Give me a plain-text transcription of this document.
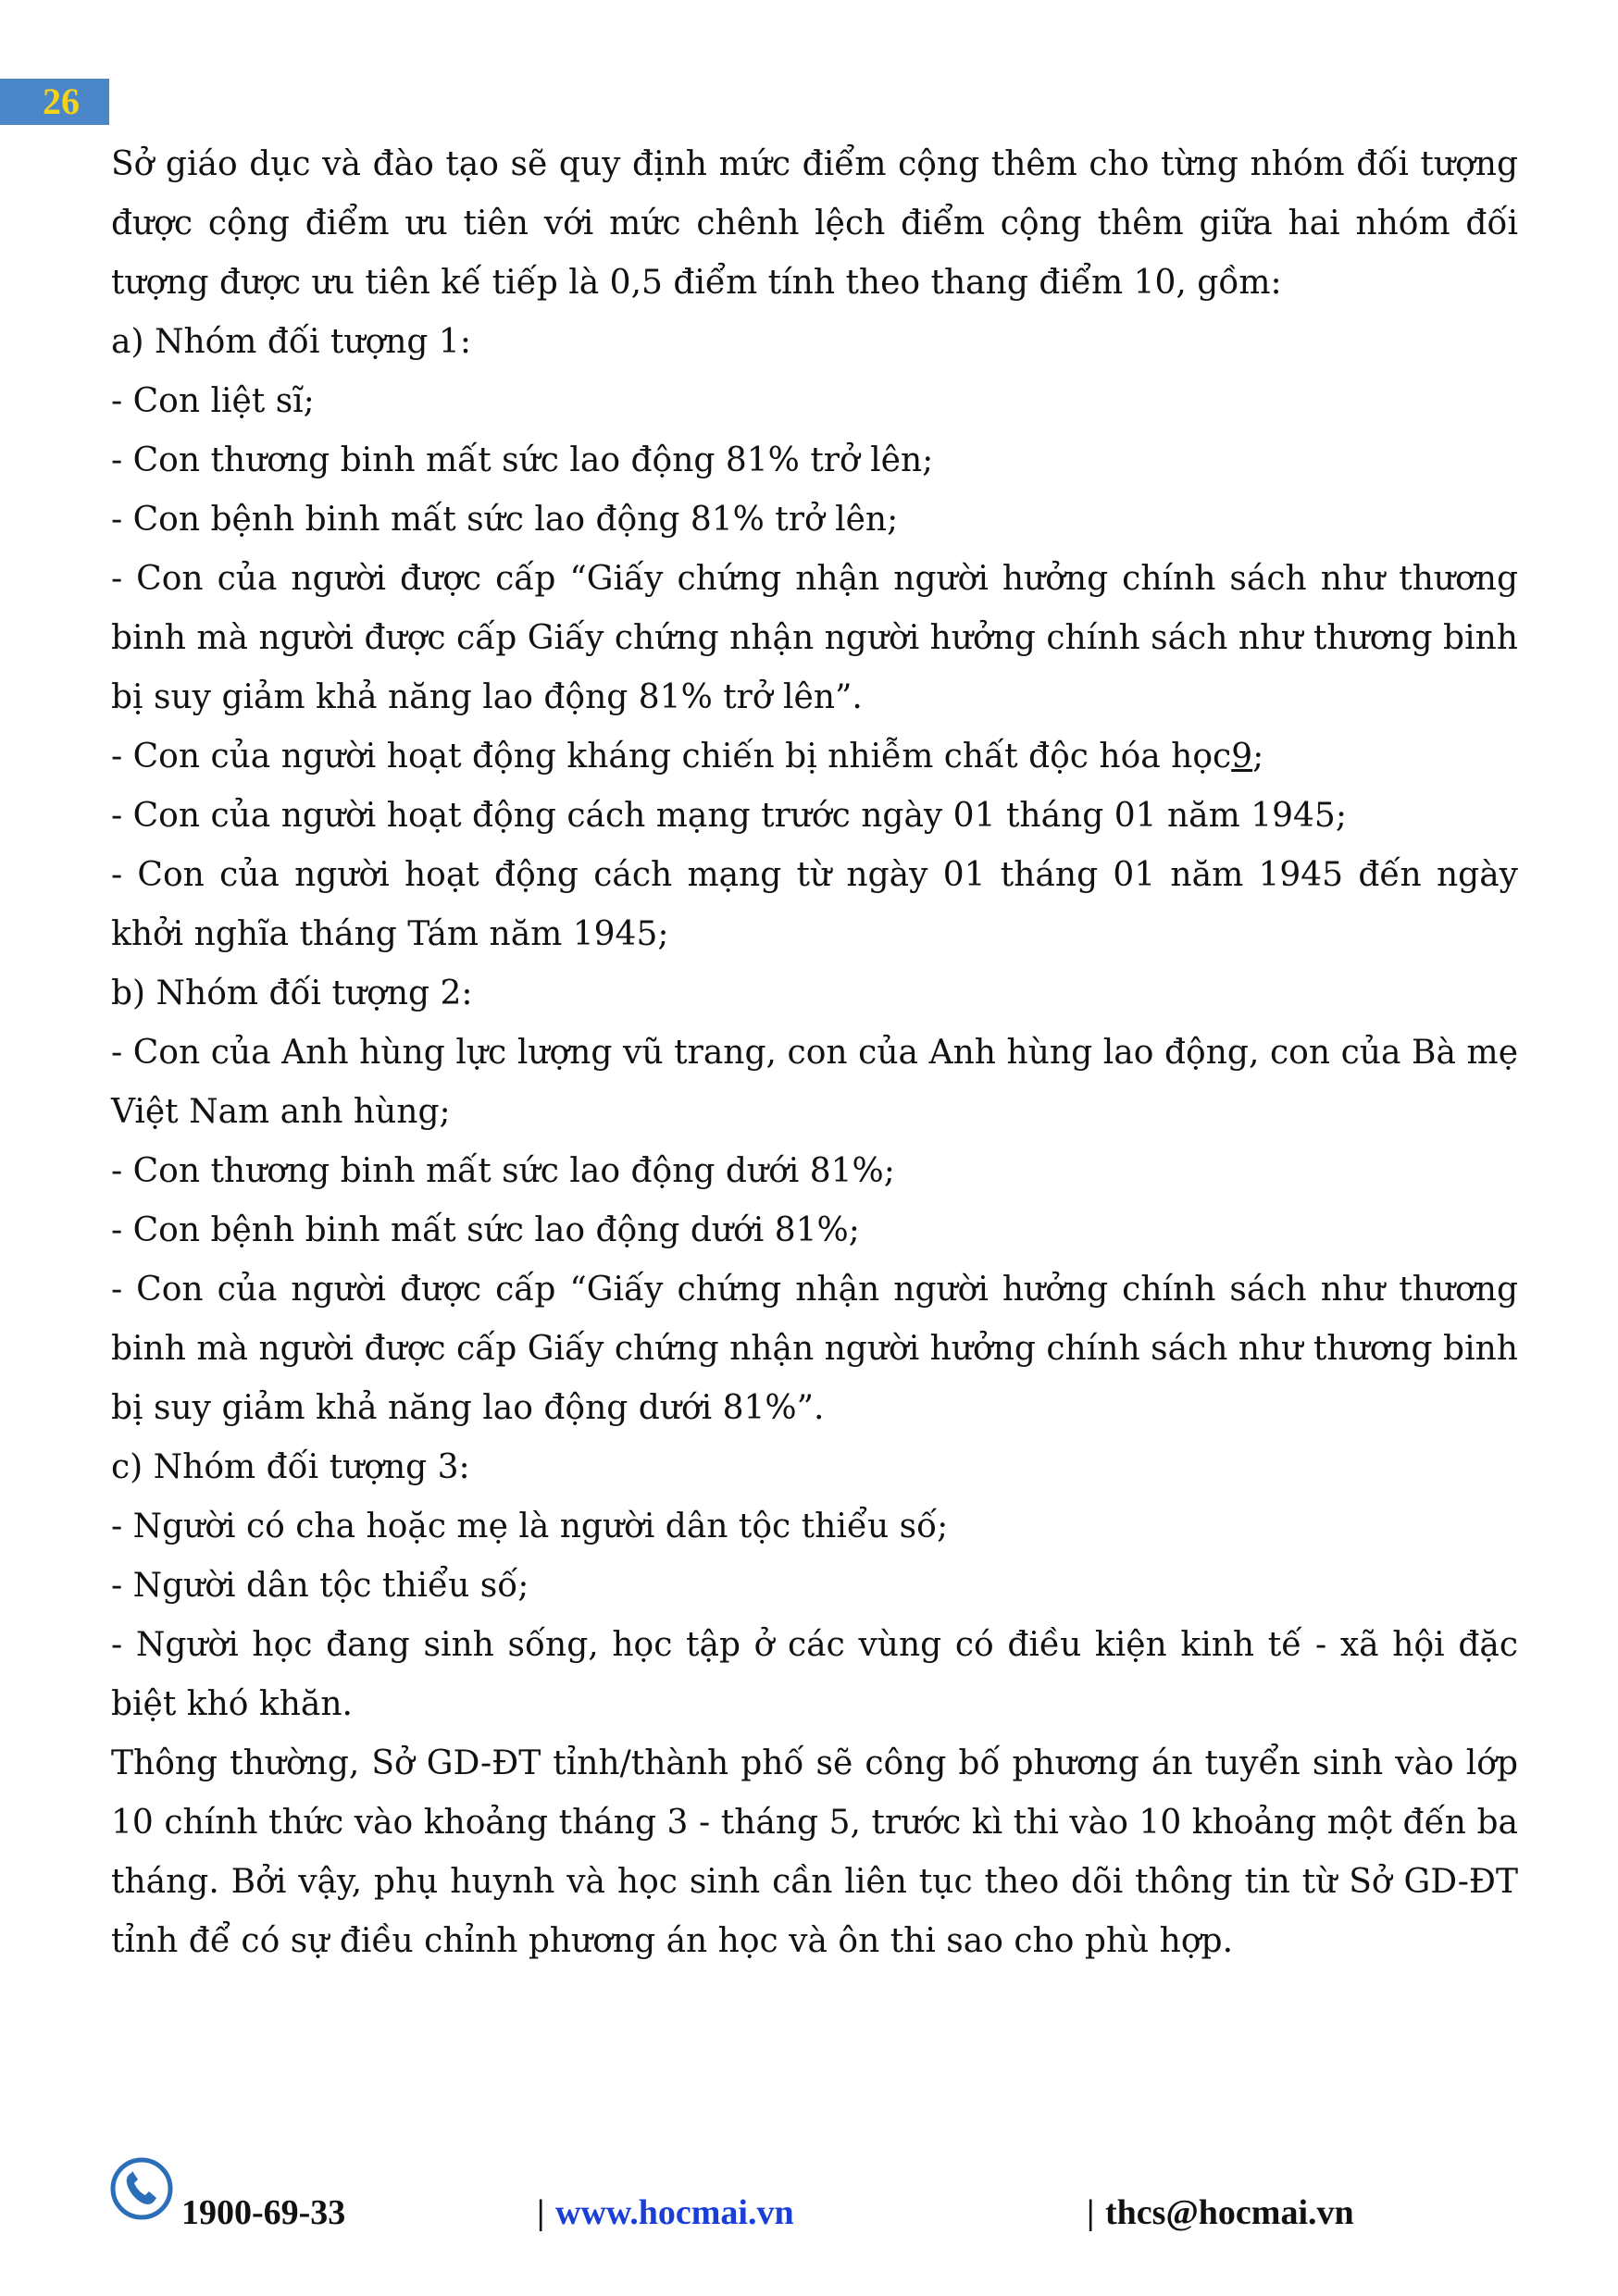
26

Sở giáo dục và đào tạo sẽ quy định mức điểm cộng thêm cho từng nhóm đối tượng được cộng điểm ưu tiên với mức chênh lệch điểm cộng thêm giữa hai nhóm đối tượng được ưu tiên kế tiếp là 0,5 điểm tính theo thang điểm 10, gồm:

a) Nhóm đối tượng 1:

- Con liệt sĩ;

- Con thương binh mất sức lao động 81% trở lên;

- Con bệnh binh mất sức lao động 81% trở lên;

- Con của người được cấp “Giấy chứng nhận người hưởng chính sách như thương binh mà người được cấp Giấy chứng nhận người hưởng chính sách như thương binh bị suy giảm khả năng lao động 81% trở lên”.

- Con của người hoạt động kháng chiến bị nhiễm chất độc hóa học9;

- Con của người hoạt động cách mạng trước ngày 01 tháng 01 năm 1945;

- Con của người hoạt động cách mạng từ ngày 01 tháng 01 năm 1945 đến ngày khởi nghĩa tháng Tám năm 1945;

b) Nhóm đối tượng 2:

- Con của Anh hùng lực lượng vũ trang, con của Anh hùng lao động, con của Bà mẹ Việt Nam anh hùng;

- Con thương binh mất sức lao động dưới 81%;

- Con bệnh binh mất sức lao động dưới 81%;

- Con của người được cấp “Giấy chứng nhận người hưởng chính sách như thương binh mà người được cấp Giấy chứng nhận người hưởng chính sách như thương binh bị suy giảm khả năng lao động dưới 81%”.

c) Nhóm đối tượng 3:

- Người có cha hoặc mẹ là người dân tộc thiểu số;

- Người dân tộc thiểu số;

- Người học đang sinh sống, học tập ở các vùng có điều kiện kinh tế - xã hội đặc biệt khó khăn.

Thông thường, Sở GD-ĐT tỉnh/thành phố sẽ công bố phương án tuyển sinh vào lớp 10 chính thức vào khoảng tháng 3 - tháng 5, trước kì thi vào 10 khoảng một đến ba tháng. Bởi vậy, phụ huynh và học sinh cần liên tục theo dõi thông tin từ Sở GD-ĐT tỉnh để có sự điều chỉnh phương án học và ôn thi sao cho phù hợp.

1900-69-33	| www.hocmai.vn	| thcs@hocmai.vn
